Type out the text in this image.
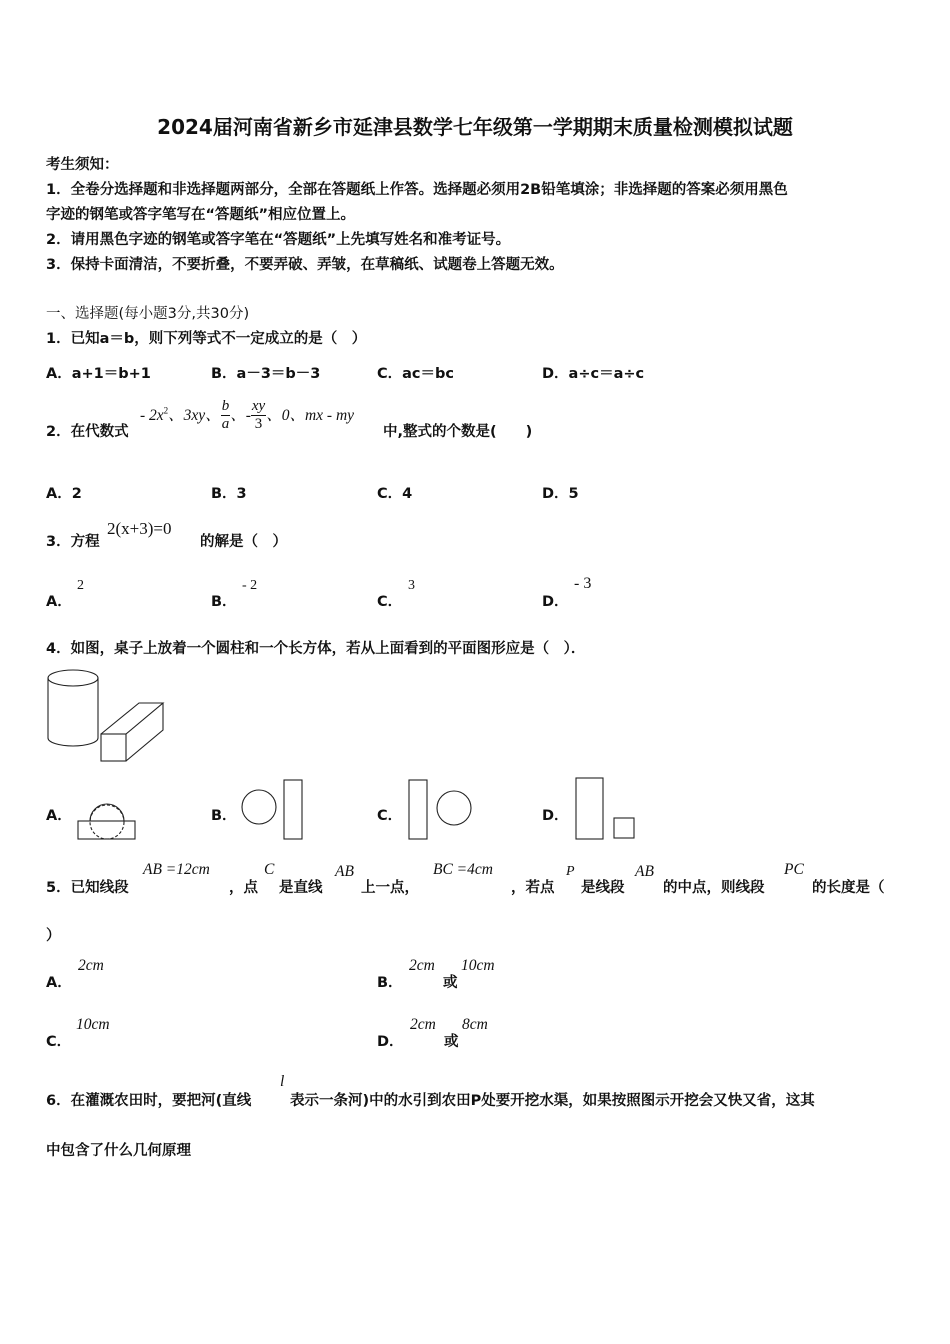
2024届河南省新乡市延津县数学七年级第一学期期末质量检测模拟试题
考生须知：
1．全卷分选择题和非选择题两部分，全部在答题纸上作答。选择题必须用2B铅笔填涂；非选择题的答案必须用黑色
字迹的钢笔或答字笔写在“答题纸”相应位置上。
2．请用黑色字迹的钢笔或答字笔在“答题纸”上先填写姓名和准考证号。
3．保持卡面清洁，不要折叠，不要弄破、弄皱，在草稿纸、试题卷上答题无效。
一、选择题(每小题3分,共30分)
1．已知a＝b，则下列等式不一定成立的是（　）
A．a+1＝b+1	B．a－3＝b－3	C．ac＝bc	D．a÷c＝a÷c
2．在代数式
- $2x^2$、3xy、 $\frac{b}{a}$ 、- $\frac{xy}{3}$ 、0、mx - my
中,整式的个数是(　　)
A．2	B．3	C．4	D．5
3．方程
2(x+3)=0
的解是（　）
A．
2
B．
- 2
C．
3
D．
- 3
4．如图，桌子上放着一个圆柱和一个长方体，若从上面看到的平面图形应是（　）．
A．	B．	C．	D．
5．已知线段
AB =12cm
，点
C
是直线
AB
上一点，
BC =4cm
，若点
P
是线段
AB
的中点，则线段
PC
的长度是（
）
A．
2cm
B．
2cm
或
10cm
C．
10cm
D．
2cm
或
8cm
6．在灌溉农田时，要把河(直线
l
表示一条河)中的水引到农田P处要开挖水渠，如果按照图示开挖会又快又省，这其
中包含了什么几何原理
